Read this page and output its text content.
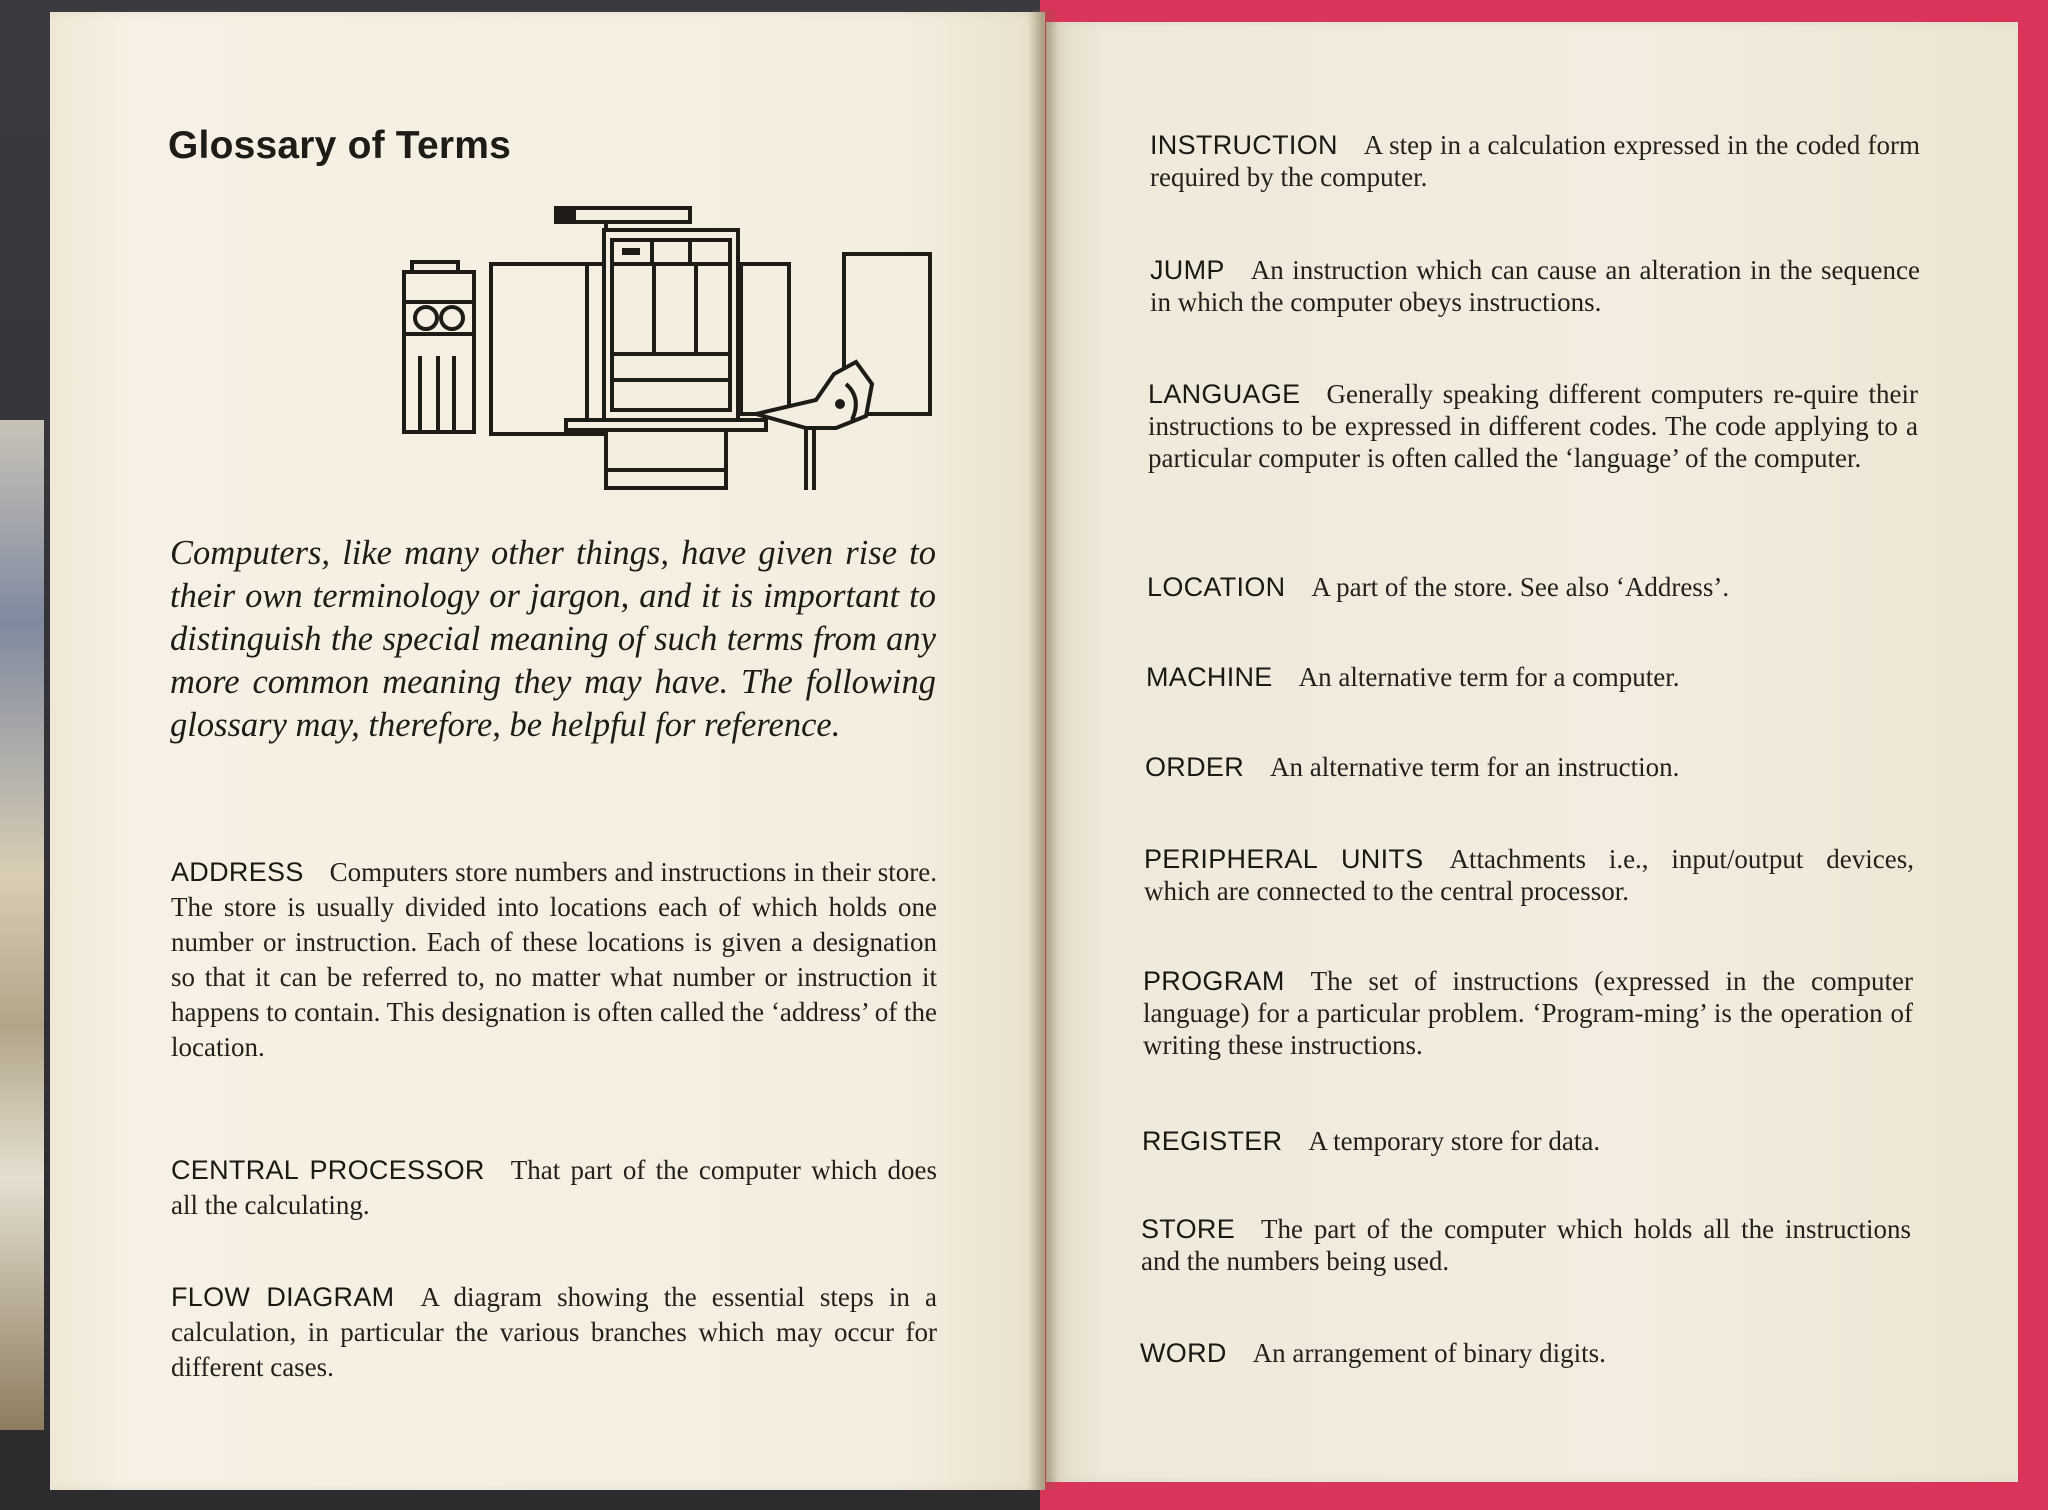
Glossary of Terms

Computers, like many other things, have given rise to their own terminology or jargon, and it is important to distinguish the special meaning of such terms from any more common meaning they may have. The following glossary may, therefore, be helpful for reference.

ADDRESS Computers store numbers and instructions in their store. The store is usually divided into locations each of which holds one number or instruction. Each of these locations is given a designation so that it can be referred to, no matter what number or instruction it happens to contain. This designation is often called the ‘address’ of the location.

CENTRAL PROCESSOR That part of the computer which does all the calculating.

FLOW DIAGRAM A diagram showing the essential steps in a calculation, in particular the various branches which may occur for different cases.

INSTRUCTION A step in a calculation expressed in the coded form required by the computer.

JUMP An instruction which can cause an alteration in the sequence in which the computer obeys instructions.

LANGUAGE Generally speaking different computers re-quire their instructions to be expressed in different codes. The code applying to a particular computer is often called the ‘language’ of the computer.

LOCATION A part of the store. See also ‘Address’.

MACHINE An alternative term for a computer.

ORDER An alternative term for an instruction.

PERIPHERAL UNITS Attachments i.e., input/output devices, which are connected to the central processor.

PROGRAM The set of instructions (expressed in the computer language) for a particular problem. ‘Program-ming’ is the operation of writing these instructions.

REGISTER A temporary store for data.

STORE The part of the computer which holds all the instructions and the numbers being used.

WORD An arrangement of binary digits.
